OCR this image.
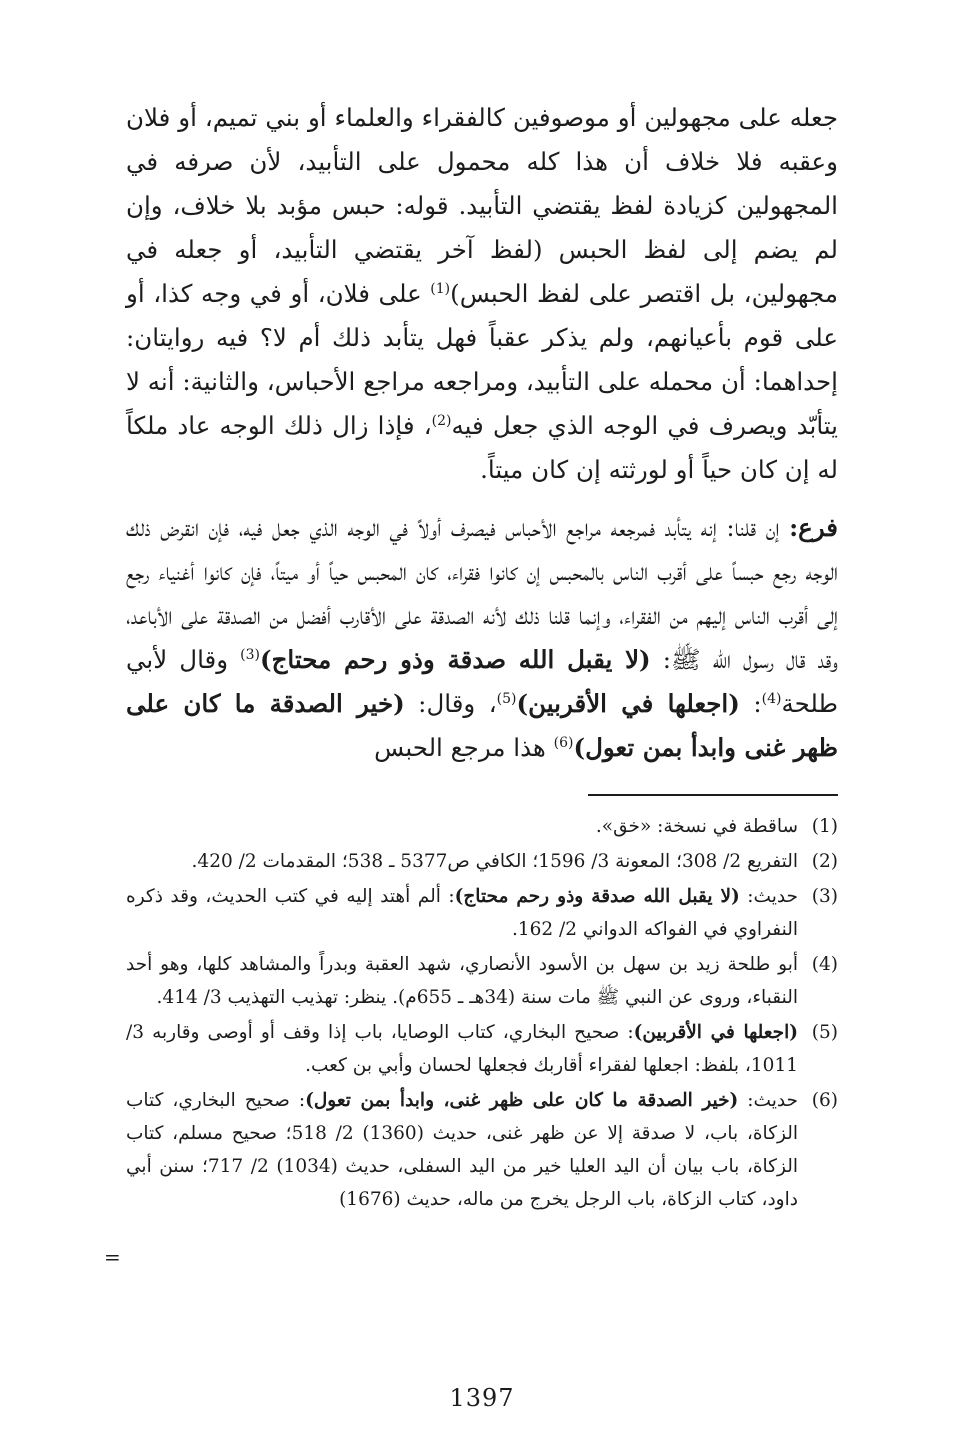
جعله على مجهولين أو موصوفين كالفقراء والعلماء أو بني تميم، أو فلان وعقبه فلا خلاف أن هذا كله محمول على التأبيد، لأن صرفه في المجهولين كزيادة لفظ يقتضي التأبيد. قوله: حبس مؤبد بلا خلاف، وإن لم يضم إلى لفظ الحبس (لفظ آخر يقتضي التأبيد، أو جعله في مجهولين، بل اقتصر على لفظ الحبس)$^{(1)}$ على فلان، أو في وجه كذا، أو على قوم بأعيانهم، ولم يذكر عقباً فهل يتأبد ذلك أم لا؟ فيه روايتان: إحداهما: أن محمله على التأبيد، ومراجعه مراجع الأحباس، والثانية: أنه لا يتأبّد ويصرف في الوجه الذي جعل فيه$^{(2)}$، فإذا زال ذلك الوجه عاد ملكاً له إن كان حياً أو لورثته إن كان ميتاً.

فرع: إن قلنا: إنه يتأبد فمرجعه مراجع الأحباس فيصرف أولاً في الوجه الذي جعل فيه، فإن انقرض ذلك الوجه رجع حبساً على أقرب الناس بالمحبس إن كانوا فقراء، كان المحبس حياً أو ميتاً، فإن كانوا أغنياء رجع إلى أقرب الناس إليهم من الفقراء، وإنما قلنا ذلك لأنه الصدقة على الأقارب أفضل من الصدقة على الأباعد، وقد قال رسول الله ﷺ: (لا يقبل الله صدقة وذو رحم محتاج)$^{(3)}$ وقال لأبي طلحة$^{(4)}$: (اجعلها في الأقربين)$^{(5)}$، وقال: (خير الصدقة ما كان على ظهر غنى وابدأ بمن تعول)$^{(6)}$ هذا مرجع الحبس

(1)
ساقطة في نسخة: «خق».
(2)
التفريع 2/ 308؛ المعونة 3/ 1596؛ الكافي ص5377 ـ 538؛ المقدمات 2/ 420.
(3)
حديث: (لا يقبل الله صدقة وذو رحم محتاج): ألم أهتد إليه في كتب الحديث، وقد ذكره النفراوي في الفواكه الدواني 2/ 162.
(4)
أبو طلحة زيد بن سهل بن الأسود الأنصاري، شهد العقبة وبدراً والمشاهد كلها، وهو أحد النقباء، وروى عن النبي ﷺ مات سنة (34هـ ـ 655م). ينظر: تهذيب التهذيب 3/ 414.
(5)
(اجعلها في الأقربين): صحيح البخاري، كتاب الوصايا، باب إذا وقف أو أوصى وقاربه 3/ 1011، بلفظ: اجعلها لفقراء أقاربك فجعلها لحسان وأبي بن كعب.
(6)
حديث: (خير الصدقة ما كان على ظهر غنى، وابدأ بمن تعول): صحيح البخاري، كتاب الزكاة، باب، لا صدقة إلا عن ظهر غنى، حديث (1360) 2/ 518؛ صحيح مسلم، كتاب الزكاة، باب بيان أن اليد العليا خير من اليد السفلى، حديث (1034) 2/ 717؛ سنن أبي داود، كتاب الزكاة، باب الرجل يخرج من ماله، حديث (1676)
=
1397
